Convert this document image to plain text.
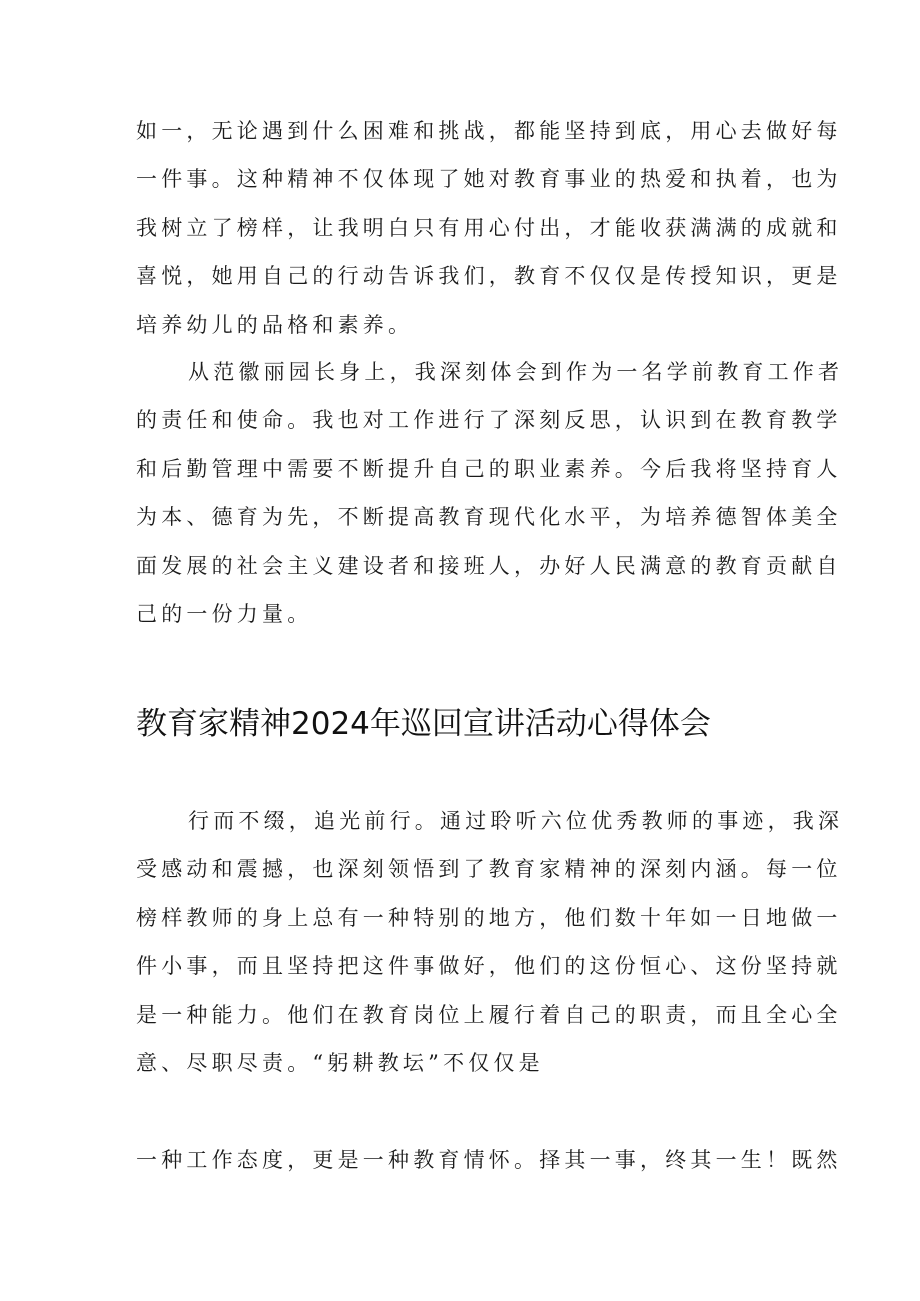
如一，无论遇到什么困难和挑战，都能坚持到底，用心去做好每
一件事。这种精神不仅体现了她对教育事业的热爱和执着，也为
我树立了榜样，让我明白只有用心付出，才能收获满满的成就和
喜悦，她用自己的行动告诉我们，教育不仅仅是传授知识，更是
培养幼儿的品格和素养。

从范徽丽园长身上，我深刻体会到作为一名学前教育工作者
的责任和使命。我也对工作进行了深刻反思，认识到在教育教学
和后勤管理中需要不断提升自己的职业素养。今后我将坚持育人
为本、德育为先，不断提高教育现代化水平，为培养德智体美全
面发展的社会主义建设者和接班人，办好人民满意的教育贡献自
己的一份力量。

教育家精神2024年巡回宣讲活动心得体会

行而不缀，追光前行。通过聆听六位优秀教师的事迹，我深
受感动和震撼，也深刻领悟到了教育家精神的深刻内涵。每一位
榜样教师的身上总有一种特别的地方，他们数十年如一日地做一
件小事，而且坚持把这件事做好，他们的这份恒心、这份坚持就
是一种能力。他们在教育岗位上履行着自己的职责，而且全心全
意、尽职尽责。“躬耕教坛”不仅仅是

一种工作态度，更是一种教育情怀。择其一事，终其一生！既然
